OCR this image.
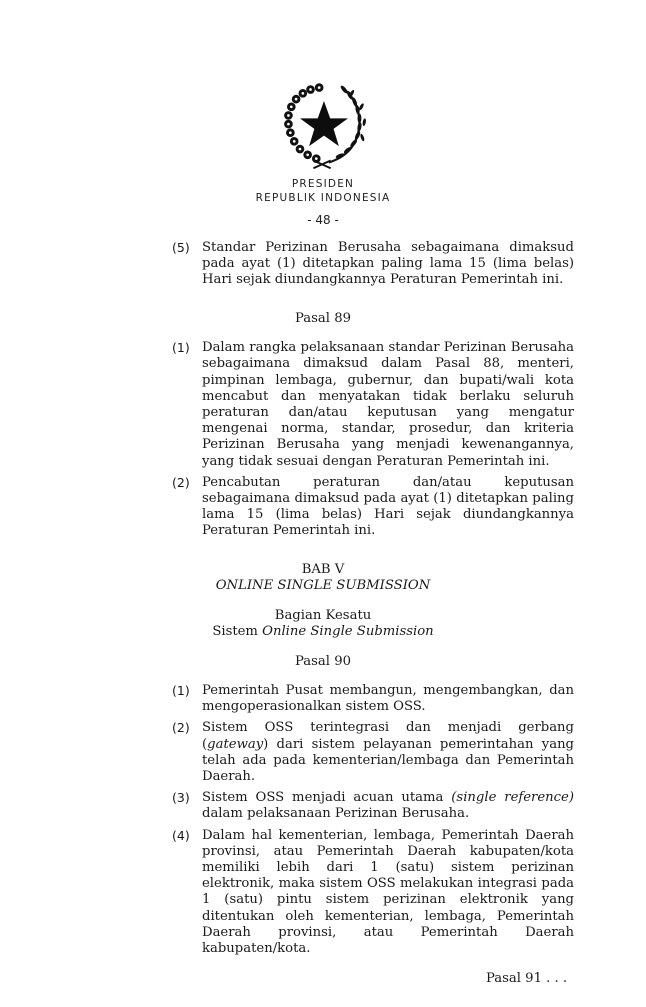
PRESIDEN
REPUBLIK INDONESIA
- 48 -
(5) Standar Perizinan Berusaha sebagaimana dimaksud pada ayat (1) ditetapkan paling lama 15 (lima belas) Hari sejak diundangkannya Peraturan Pemerintah ini.
Pasal 89
(1) Dalam rangka pelaksanaan standar Perizinan Berusaha sebagaimana dimaksud dalam Pasal 88, menteri, pimpinan lembaga, gubernur, dan bupati/wali kota mencabut dan menyatakan tidak berlaku seluruh peraturan dan/atau keputusan yang mengatur mengenai norma, standar, prosedur, dan kriteria Perizinan Berusaha yang menjadi kewenangannya, yang tidak sesuai dengan Peraturan Pemerintah ini.
(2) Pencabutan peraturan dan/atau keputusan sebagaimana dimaksud pada ayat (1) ditetapkan paling lama 15 (lima belas) Hari sejak diundangkannya Peraturan Pemerintah ini.
BAB V
ONLINE SINGLE SUBMISSION
Bagian Kesatu
Sistem Online Single Submission
Pasal 90
(1) Pemerintah Pusat membangun, mengembangkan, dan mengoperasionalkan sistem OSS.
(2) Sistem OSS terintegrasi dan menjadi gerbang (gateway) dari sistem pelayanan pemerintahan yang telah ada pada kementerian/lembaga dan Pemerintah Daerah.
(3) Sistem OSS menjadi acuan utama (single reference) dalam pelaksanaan Perizinan Berusaha.
(4) Dalam hal kementerian, lembaga, Pemerintah Daerah provinsi, atau Pemerintah Daerah kabupaten/kota memiliki lebih dari 1 (satu) sistem perizinan elektronik, maka sistem OSS melakukan integrasi pada 1 (satu) pintu sistem perizinan elektronik yang ditentukan oleh kementerian, lembaga, Pemerintah Daerah provinsi, atau Pemerintah Daerah kabupaten/kota.
Pasal 91 . . .
